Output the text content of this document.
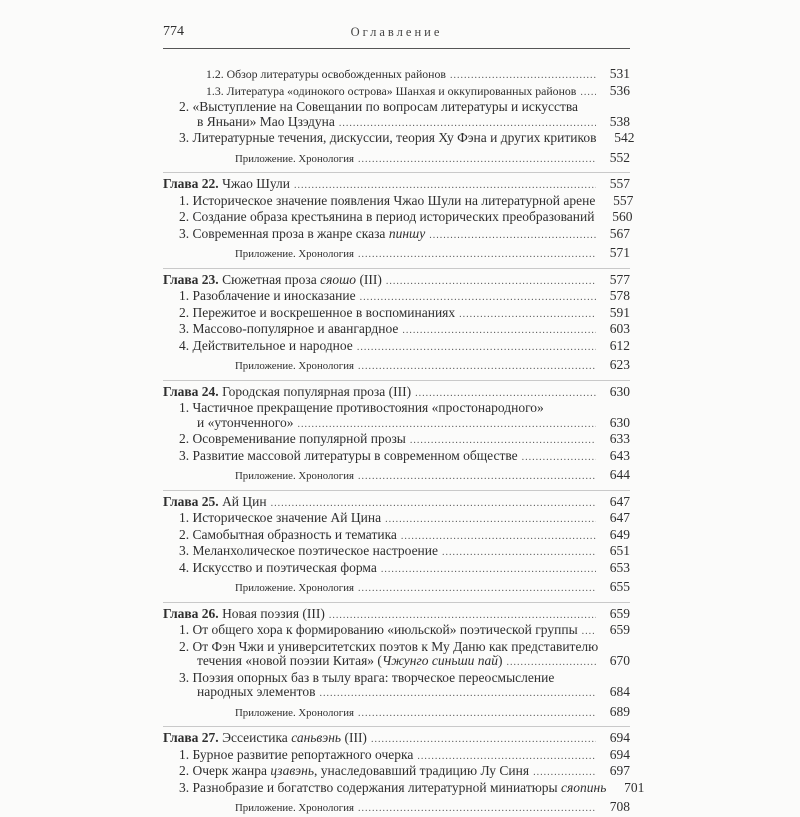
774	Оглавление
1.2. Обзор литературы освобожденных районов .....	531
1.3. Литература «одинокого острова» Шанхая и оккупированных районов .....	536
2. «Выступление на Совещании по вопросам литературы и искусства
в Яньани» Мао Цзэдуна .....	538
3. Литературные течения, дискуссии, теория Ху Фэна и других критиков	542
Приложение. Хронология .....	552
Глава 22. Чжао Шули .....	557
1. Историческое значение появления Чжао Шули на литературной арене	557
2. Создание образа крестьянина в период исторических преобразований	560
3. Современная проза в жанре сказа пиншу .....	567
Приложение. Хронология .....	571
Глава 23. Сюжетная проза сяошо (III) .....	577
1. Разоблачение и иносказание .....	578
2. Пережитое и воскрешенное в воспоминаниях .....	591
3. Массово-популярное и авангардное .....	603
4. Действительное и народное .....	612
Приложение. Хронология .....	623
Глава 24. Городская популярная проза (III) .....	630
1. Частичное прекращение противостояния «простонародного»
и «утонченного» .....	630
2. Осовременивание популярной прозы .....	633
3. Развитие массовой литературы в современном обществе .....	643
Приложение. Хронология .....	644
Глава 25. Ай Цин .....	647
1. Историческое значение Ай Цина .....	647
2. Самобытная образность и тематика .....	649
3. Меланхолическое поэтическое настроение .....	651
4. Искусство и поэтическая форма .....	653
Приложение. Хронология .....	655
Глава 26. Новая поэзия (III) .....	659
1. От общего хора к формированию «июльской» поэтической группы .....	659
2. От Фэн Чжи и университетских поэтов к Му Даню как представителю
течения «новой поэзии Китая» (Чжунго синьши пай) .....	670
3. Поэзия опорных баз в тылу врага: творческое переосмысление
народных элементов .....	684
Приложение. Хронология .....	689
Глава 27. Эссеистика саньвэнь (III) .....	694
1. Бурное развитие репортажного очерка .....	694
2. Очерк жанра цзавэнь, унаследовавший традицию Лу Синя .....	697
3. Разнобразие и богатство содержания литературной миниатюры сяопинь	701
Приложение. Хронология .....	708
